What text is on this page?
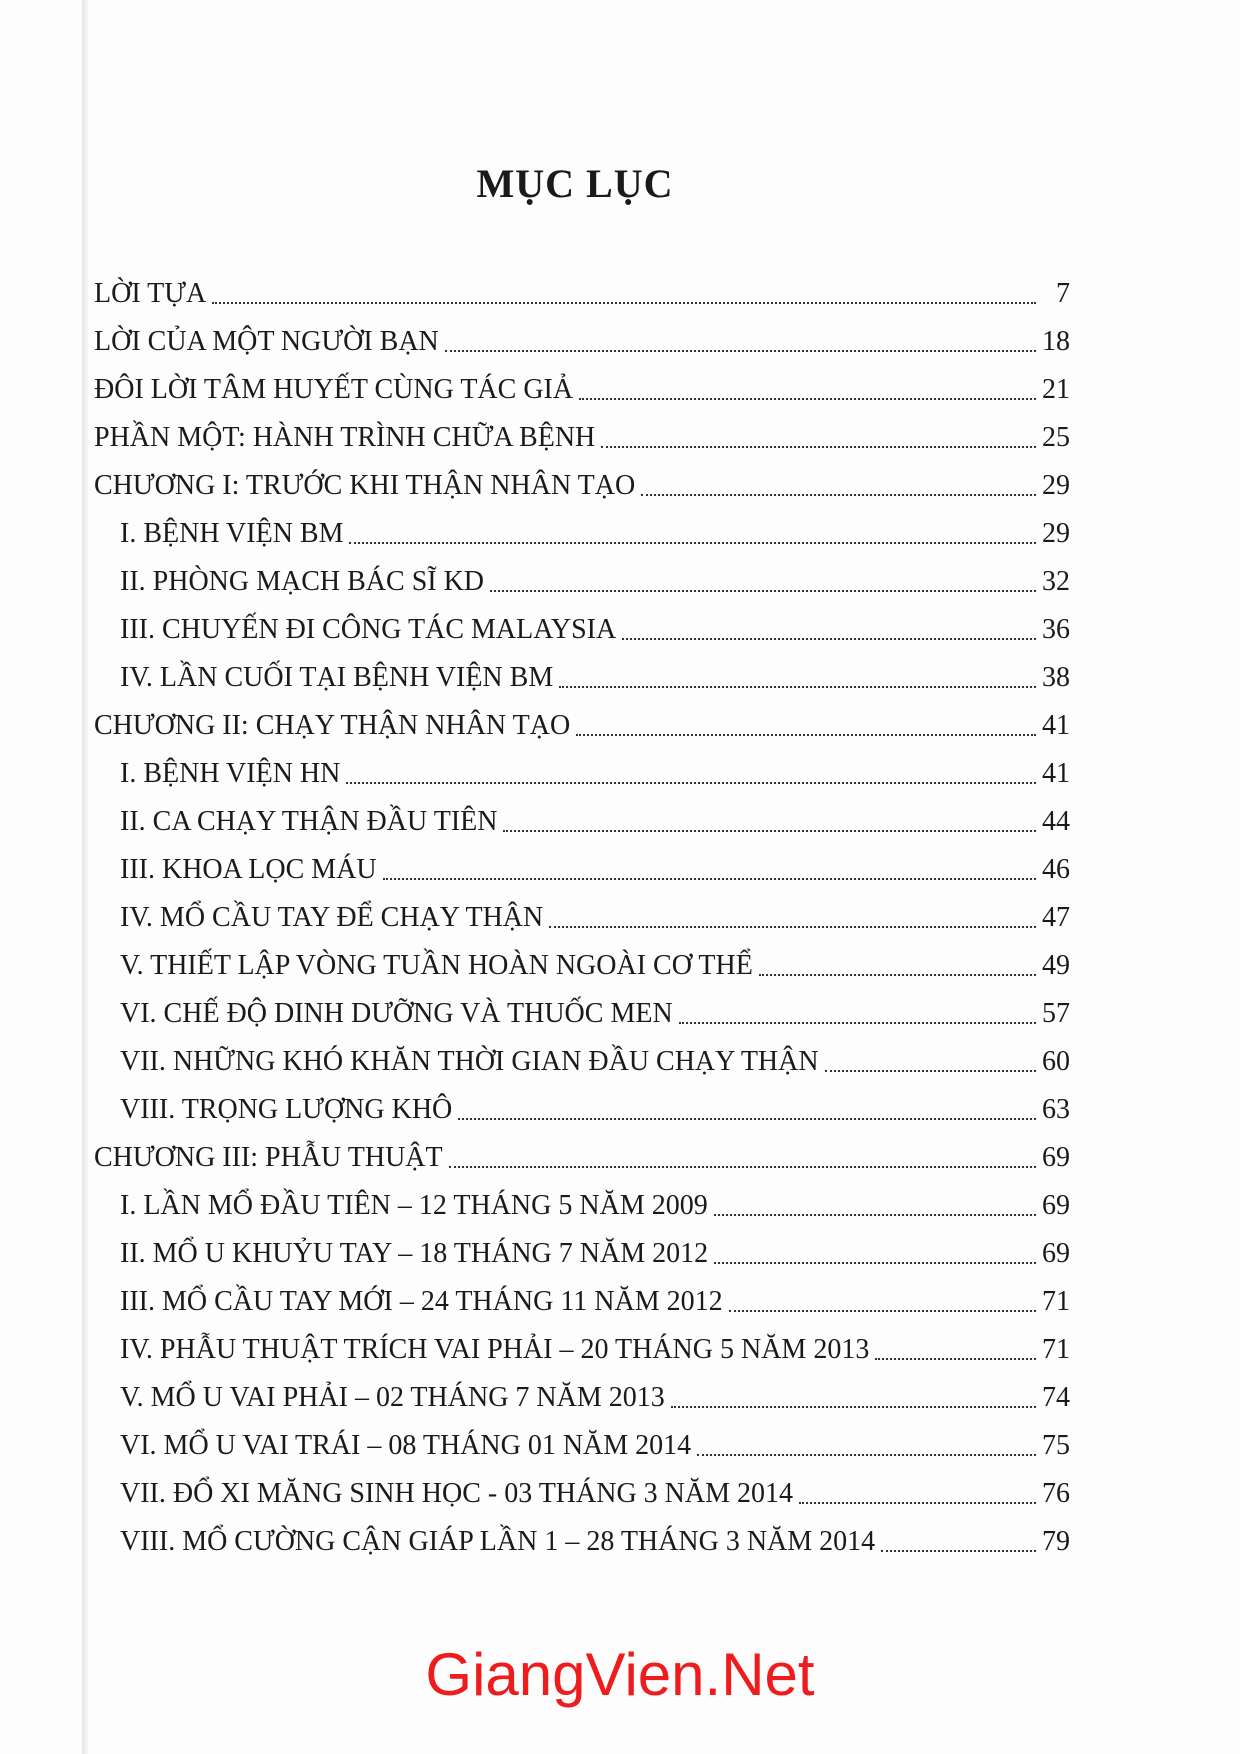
MỤC LỤC
LỜI TỰA	7
LỜI CỦA MỘT NGƯỜI BẠN	18
ĐÔI LỜI TÂM HUYẾT CÙNG TÁC GIẢ	21
PHẦN MỘT: HÀNH TRÌNH CHỮA BỆNH	25
CHƯƠNG I: TRƯỚC KHI THẬN NHÂN TẠO	29
I. BỆNH VIỆN BM	29
II. PHÒNG MẠCH BÁC SĨ KD	32
III. CHUYẾN ĐI CÔNG TÁC MALAYSIA	36
IV. LẦN CUỐI TẠI BỆNH VIỆN BM	38
CHƯƠNG II: CHẠY THẬN NHÂN TẠO	41
I. BỆNH VIỆN HN	41
II. CA CHẠY THẬN ĐẦU TIÊN	44
III. KHOA LỌC MÁU	46
IV. MỔ CẦU TAY ĐỂ CHẠY THẬN	47
V. THIẾT LẬP VÒNG TUẦN HOÀN NGOÀI CƠ THỂ	49
VI. CHẾ ĐỘ DINH DƯỠNG VÀ THUỐC MEN	57
VII. NHỮNG KHÓ KHĂN THỜI GIAN ĐẦU CHẠY THẬN	60
VIII. TRỌNG LƯỢNG KHÔ	63
CHƯƠNG III: PHẪU THUẬT	69
I. LẦN MỔ ĐẦU TIÊN – 12 THÁNG 5 NĂM 2009	69
II. MỔ U KHUỶU TAY – 18 THÁNG 7 NĂM 2012	69
III. MỔ CẦU TAY MỚI – 24 THÁNG 11 NĂM 2012	71
IV. PHẪU THUẬT TRÍCH VAI PHẢI – 20 THÁNG 5 NĂM 2013	71
V. MỔ U VAI PHẢI – 02 THÁNG 7 NĂM 2013	74
VI. MỔ U VAI TRÁI – 08 THÁNG 01 NĂM 2014	75
VII. ĐỔ XI MĂNG SINH HỌC - 03 THÁNG 3 NĂM 2014	76
VIII. MỔ CƯỜNG CẬN GIÁP LẦN 1 – 28 THÁNG 3 NĂM 2014	79
GiangVien.Net
